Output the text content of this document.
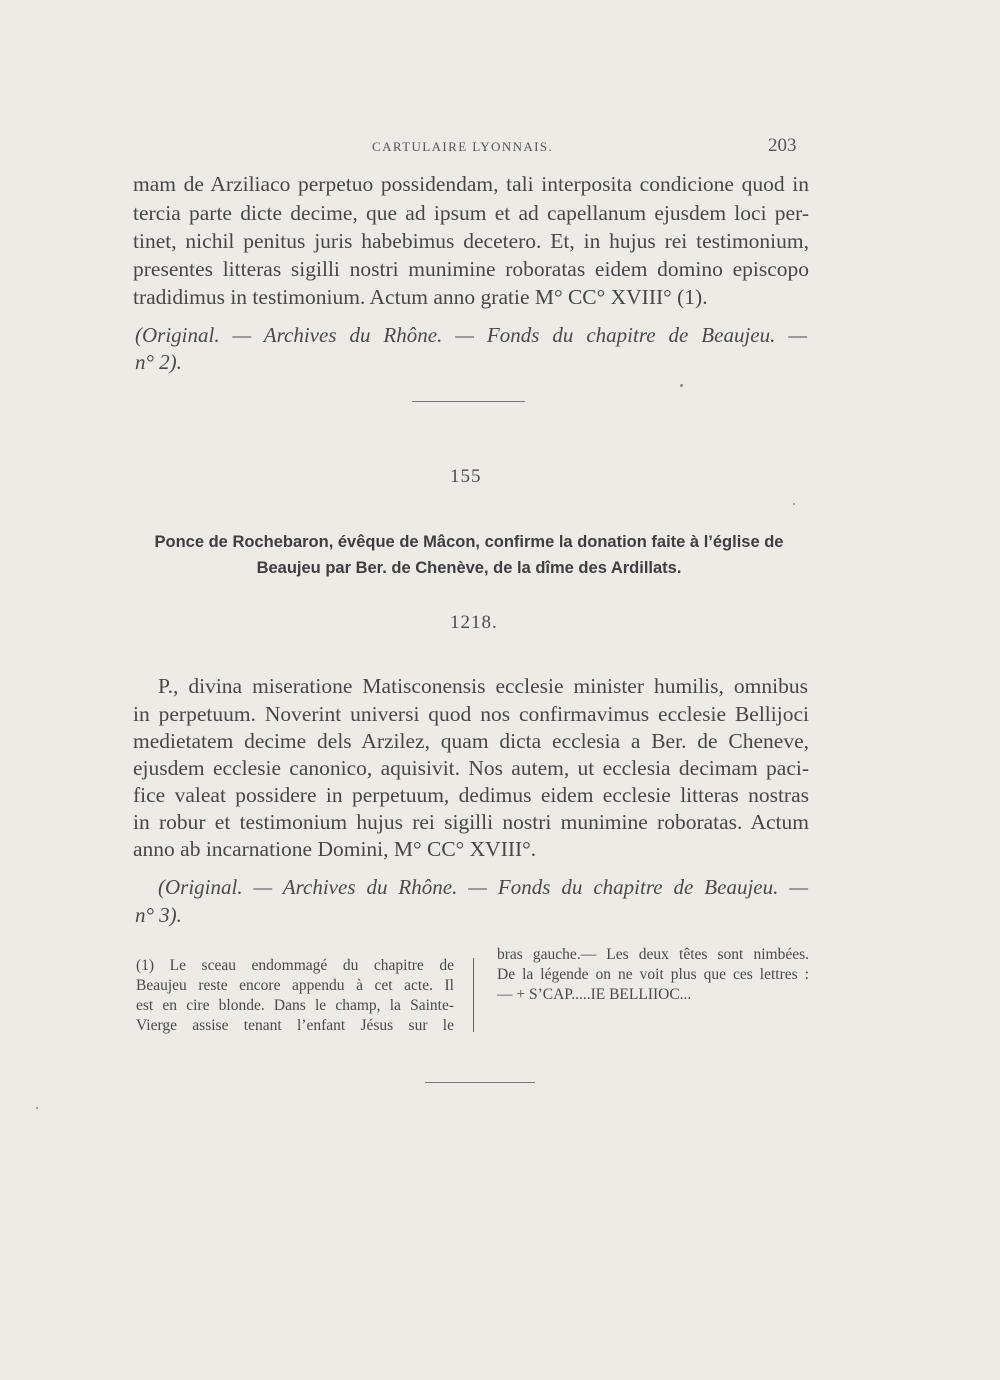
CARTULAIRE LYONNAIS.	203
mam de Arziliaco perpetuo possidendam, tali interposita condicione quod in
tercia parte dicte decime, que ad ipsum et ad capellanum ejusdem loci per-
tinet, nichil penitus juris habebimus decetero. Et, in hujus rei testimonium,
presentes litteras sigilli nostri munimine roboratas eidem domino episcopo
tradidimus in testimonium. Actum anno gratie M° CC° XVIII° (1).
(Original. — Archives du Rhône. — Fonds du chapitre de Beaujeu. —
n° 2).
155
Ponce de Rochebaron, évêque de Mâcon, confirme la donation faite à l’église de
Beaujeu par Ber. de Chenève, de la dîme des Ardillats.
1218.
P., divina miseratione Matisconensis ecclesie minister humilis, omnibus
in perpetuum. Noverint universi quod nos confirmavimus ecclesie Bellijoci
medietatem decime dels Arzilez, quam dicta ecclesia a Ber. de Cheneve,
ejusdem ecclesie canonico, aquisivit. Nos autem, ut ecclesia decimam paci-
fice valeat possidere in perpetuum, dedimus eidem ecclesie litteras nostras
in robur et testimonium hujus rei sigilli nostri munimine roboratas. Actum
anno ab incarnatione Domini, M° CC° XVIII°.
(Original. — Archives du Rhône. — Fonds du chapitre de Beaujeu. —
n° 3).
(1) Le sceau endommagé du chapitre de
Beaujeu reste encore appendu à cet acte. Il
est en cire blonde. Dans le champ, la Sainte-
Vierge assise tenant l’enfant Jésus sur le
bras gauche.— Les deux têtes sont nimbées.
De la légende on ne voit plus que ces lettres :
— + S’CAP.....IE BELLIIOC...
